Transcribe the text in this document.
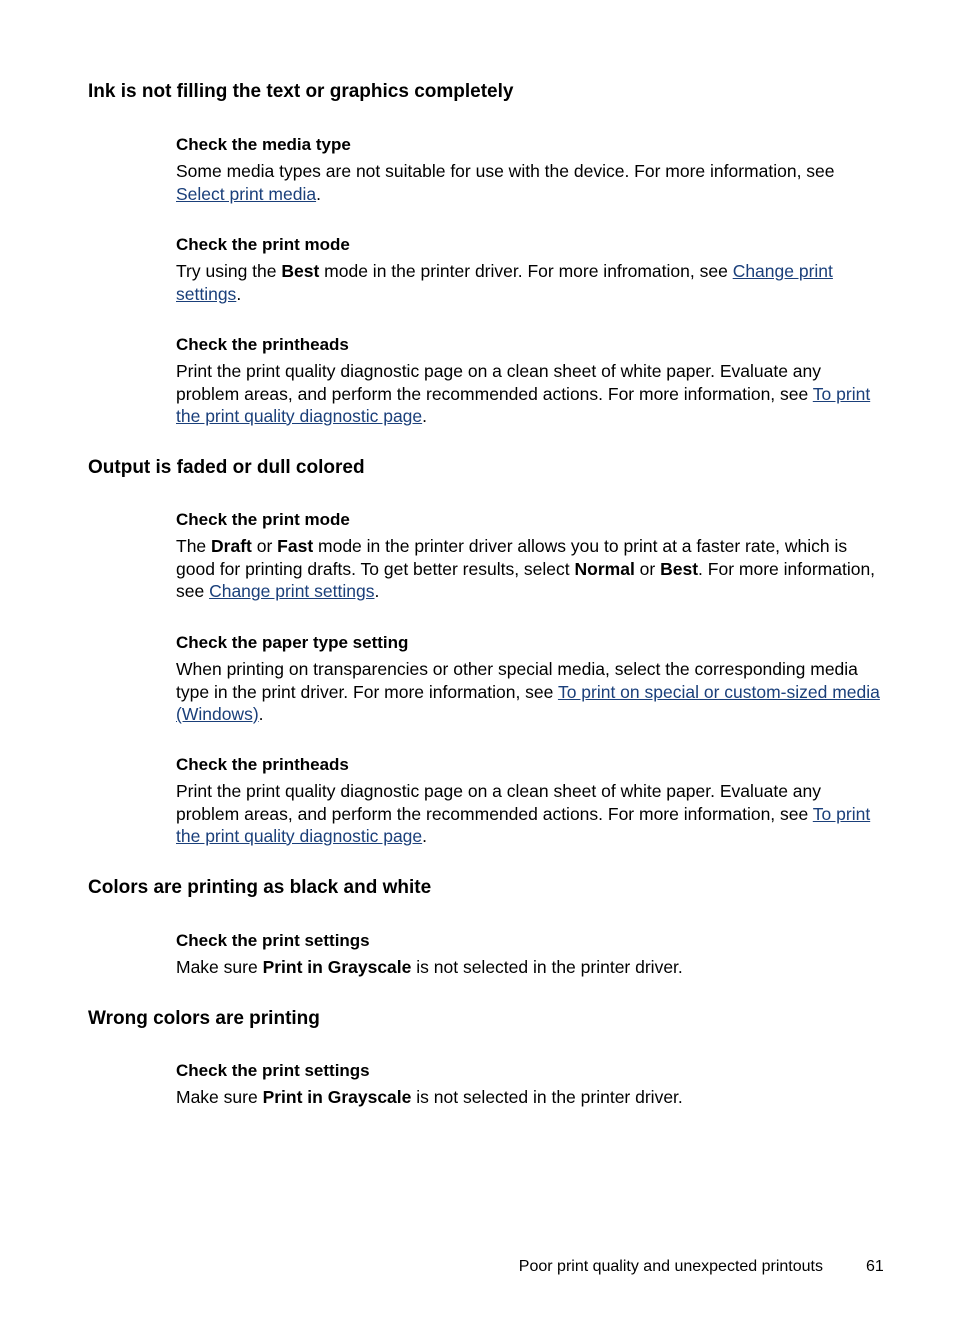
Ink is not filling the text or graphics completely

Check the media type

Some media types are not suitable for use with the device. For more information, see Select print media.

Check the print mode

Try using the Best mode in the printer driver. For more infromation, see Change print settings.

Check the printheads

Print the print quality diagnostic page on a clean sheet of white paper. Evaluate any problem areas, and perform the recommended actions. For more information, see To print the print quality diagnostic page.

Output is faded or dull colored

Check the print mode

The Draft or Fast mode in the printer driver allows you to print at a faster rate, which is good for printing drafts. To get better results, select Normal or Best. For more information, see Change print settings.

Check the paper type setting

When printing on transparencies or other special media, select the corresponding media type in the print driver. For more information, see To print on special or custom-sized media (Windows).

Check the printheads

Print the print quality diagnostic page on a clean sheet of white paper. Evaluate any problem areas, and perform the recommended actions. For more information, see To print the print quality diagnostic page.

Colors are printing as black and white

Check the print settings

Make sure Print in Grayscale is not selected in the printer driver.

Wrong colors are printing

Check the print settings

Make sure Print in Grayscale is not selected in the printer driver.

Poor print quality and unexpected printouts	61
